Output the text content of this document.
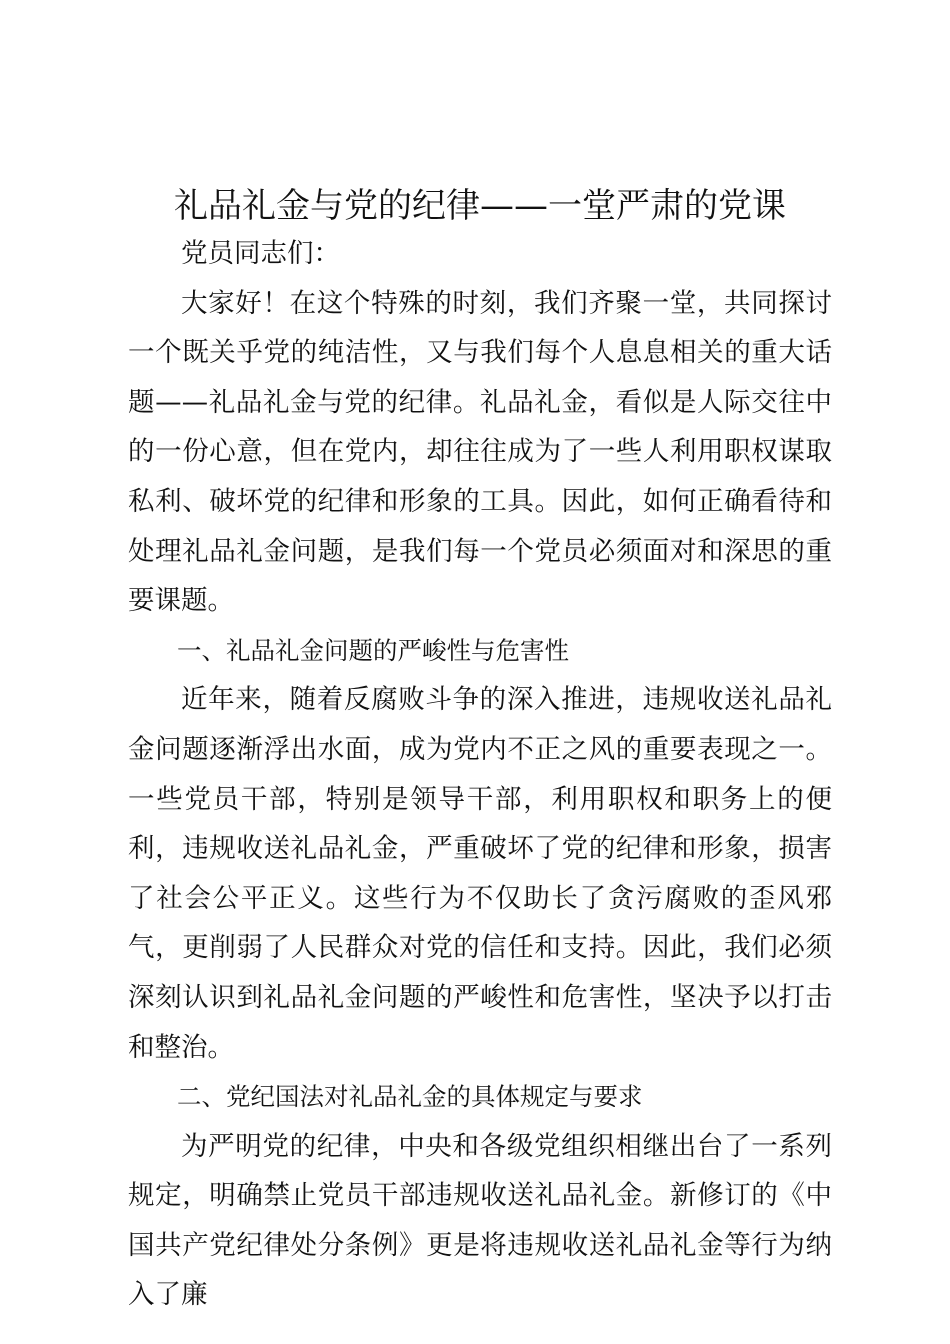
礼品礼金与党的纪律——一堂严肃的党课

党员同志们：

大家好！在这个特殊的时刻，我们齐聚一堂，共同探讨一个既关乎党的纯洁性，又与我们每个人息息相关的重大话题——礼品礼金与党的纪律。礼品礼金，看似是人际交往中的一份心意，但在党内，却往往成为了一些人利用职权谋取私利、破坏党的纪律和形象的工具。因此，如何正确看待和处理礼品礼金问题，是我们每一个党员必须面对和深思的重要课题。

一、礼品礼金问题的严峻性与危害性

近年来，随着反腐败斗争的深入推进，违规收送礼品礼金问题逐渐浮出水面，成为党内不正之风的重要表现之一。一些党员干部，特别是领导干部，利用职权和职务上的便利，违规收送礼品礼金，严重破坏了党的纪律和形象，损害了社会公平正义。这些行为不仅助长了贪污腐败的歪风邪气，更削弱了人民群众对党的信任和支持。因此，我们必须深刻认识到礼品礼金问题的严峻性和危害性，坚决予以打击和整治。

二、党纪国法对礼品礼金的具体规定与要求

为严明党的纪律，中央和各级党组织相继出台了一系列规定，明确禁止党员干部违规收送礼品礼金。新修订的《中国共产党纪律处分条例》更是将违规收送礼品礼金等行为纳入了廉
